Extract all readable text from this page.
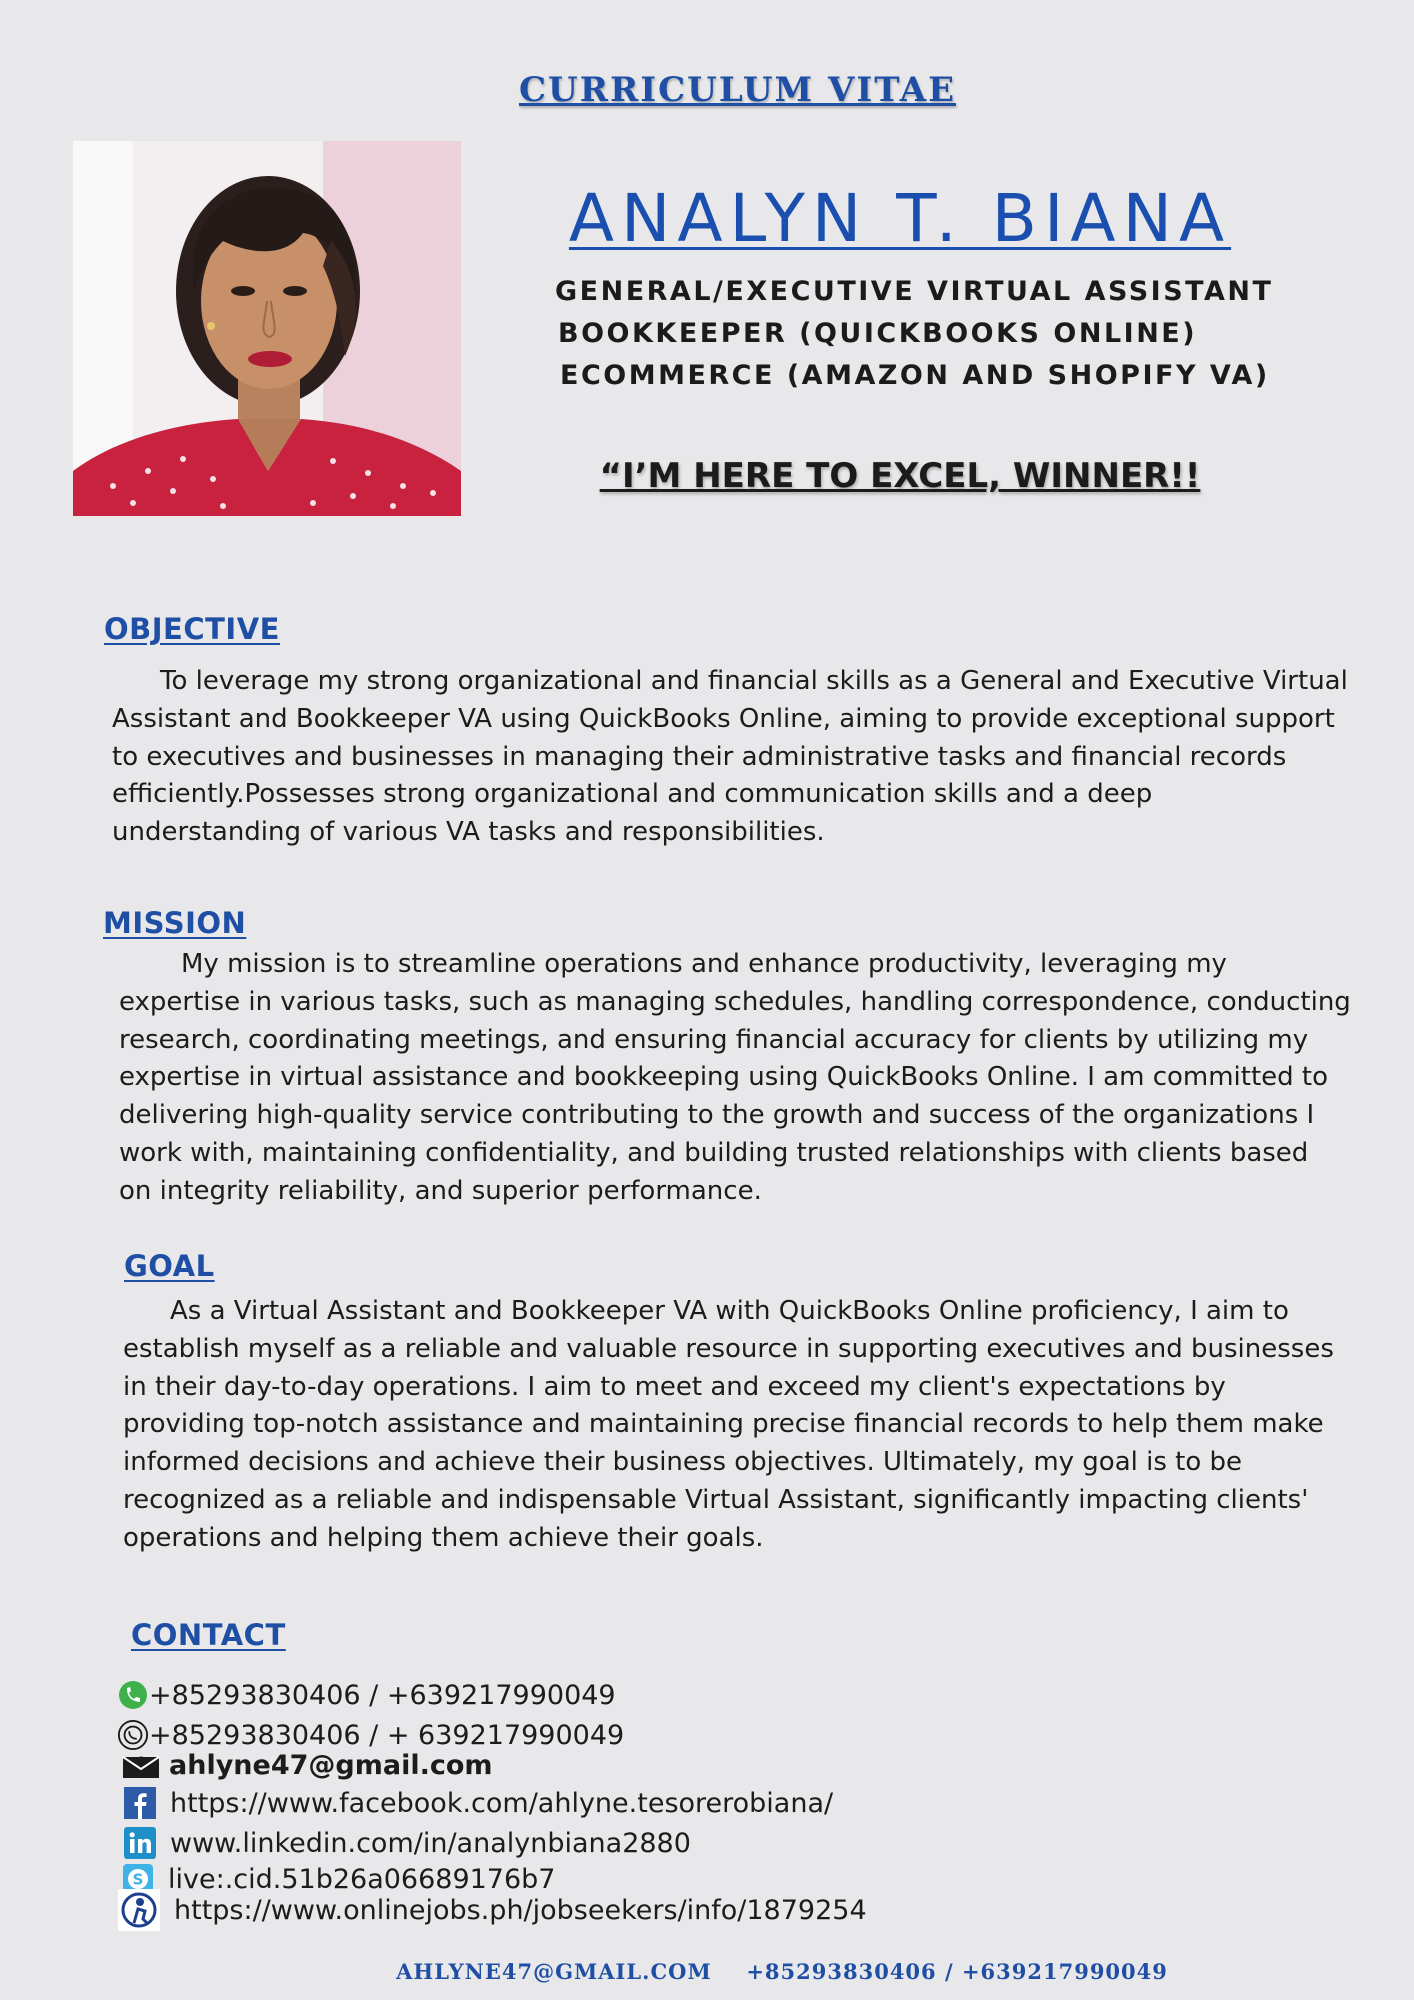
CURRICULUM VITAE
ANALYN T. BIANA
GENERAL/EXECUTIVE VIRTUAL ASSISTANT
BOOKKEEPER (QUICKBOOKS ONLINE)
ECOMMERCE (AMAZON AND SHOPIFY VA)
“I’M HERE TO EXCEL, WINNER!!
OBJECTIVE
To leverage my strong organizational and financial skills as a General and Executive Virtual
Assistant and Bookkeeper VA using QuickBooks Online, aiming to provide exceptional support
to executives and businesses in managing their administrative tasks and financial records
efficiently.Possesses strong organizational and communication skills and a deep
understanding of various VA tasks and responsibilities.
MISSION
My mission is to streamline operations and enhance productivity, leveraging my
expertise in various tasks, such as managing schedules, handling correspondence, conducting
research, coordinating meetings, and ensuring financial accuracy for clients by utilizing my
expertise in virtual assistance and bookkeeping using QuickBooks Online. I am committed to
delivering high-quality service contributing to the growth and success of the organizations I
work with, maintaining confidentiality, and building trusted relationships with clients based
on integrity reliability, and superior performance.
GOAL
As a Virtual Assistant and Bookkeeper VA with QuickBooks Online proficiency, I aim to
establish myself as a reliable and valuable resource in supporting executives and businesses
in their day-to-day operations. I aim to meet and exceed my client's expectations by
providing top-notch assistance and maintaining precise financial records to help them make
informed decisions and achieve their business objectives. Ultimately, my goal is to be
recognized as a reliable and indispensable Virtual Assistant, significantly impacting clients'
operations and helping them achieve their goals.
CONTACT
+85293830406 / +639217990049
+85293830406 / + 639217990049
@ ahlyne47@gmail.com
https://www.facebook.com/ahlyne.tesorerobiana/
www.linkedin.com/in/analynbiana2880
S live:.cid.51b26a06689176b7
https://www.onlinejobs.ph/jobseekers/info/1879254
AHLYNE47@GMAIL.COM +85293830406 / +639217990049
